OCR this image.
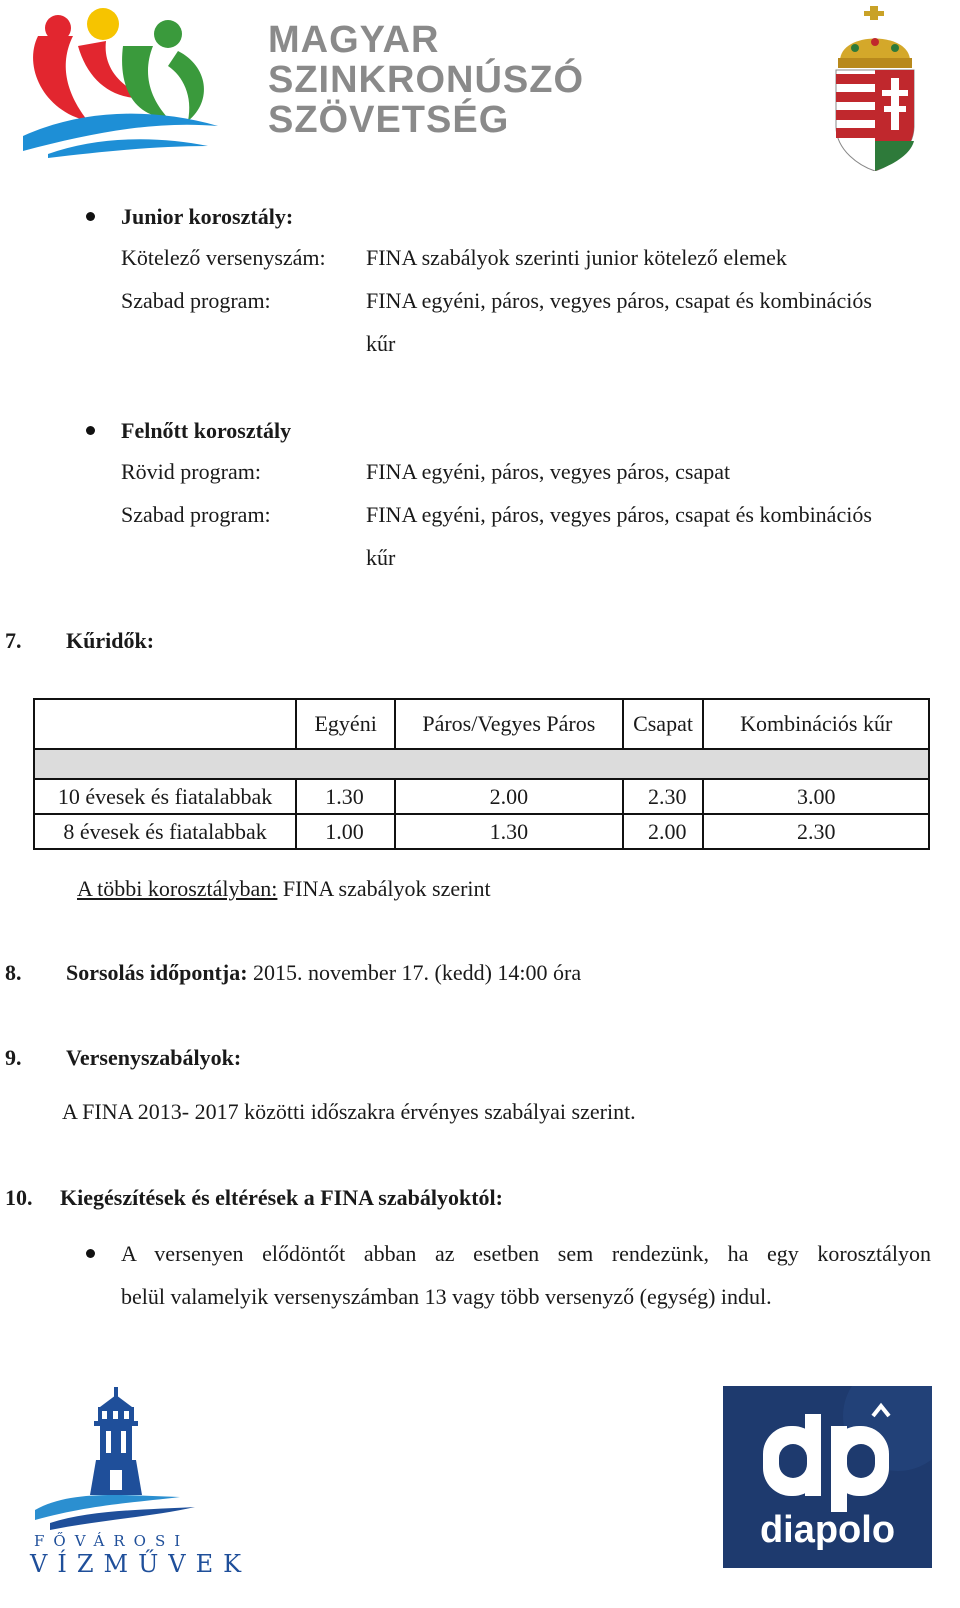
MAGYAR
SZINKRONÚSZÓ
SZÖVETSÉG
Junior korosztály:
Kötelező versenyszám: FINA szabályok szerinti junior kötelező elemek
Szabad program:	FINA egyéni, páros, vegyes páros, csapat és kombinációs
kűr
Felnőtt korosztály
Rövid program:	FINA egyéni, páros, vegyes páros, csapat
Szabad program:	FINA egyéni, páros, vegyes páros, csapat és kombinációs
kűr
7. Kűridők:
	Egyéni	Páros/Vegyes Páros	Csapat	Kombinációs kűr

10 évesek és fiatalabbak	1.30	2.00	2.30	3.00
8 évesek és fiatalabbak	1.00	1.30	2.00	2.30
A többi korosztályban: FINA szabályok szerint
8. Sorsolás időpontja: 2015. november 17. (kedd) 14:00 óra
9. Versenyszabályok:
A FINA 2013- 2017 közötti időszakra érvényes szabályai szerint.
10. Kiegészítések és eltérések a FINA szabályoktól:
A versenyen elődöntőt abban az esetben sem rendezünk, ha egy korosztályon
belül valamelyik versenyszámban 13 vagy több versenyző (egység) indul.
FŐVÁROSI
VÍZMŰVEK
diapolo
